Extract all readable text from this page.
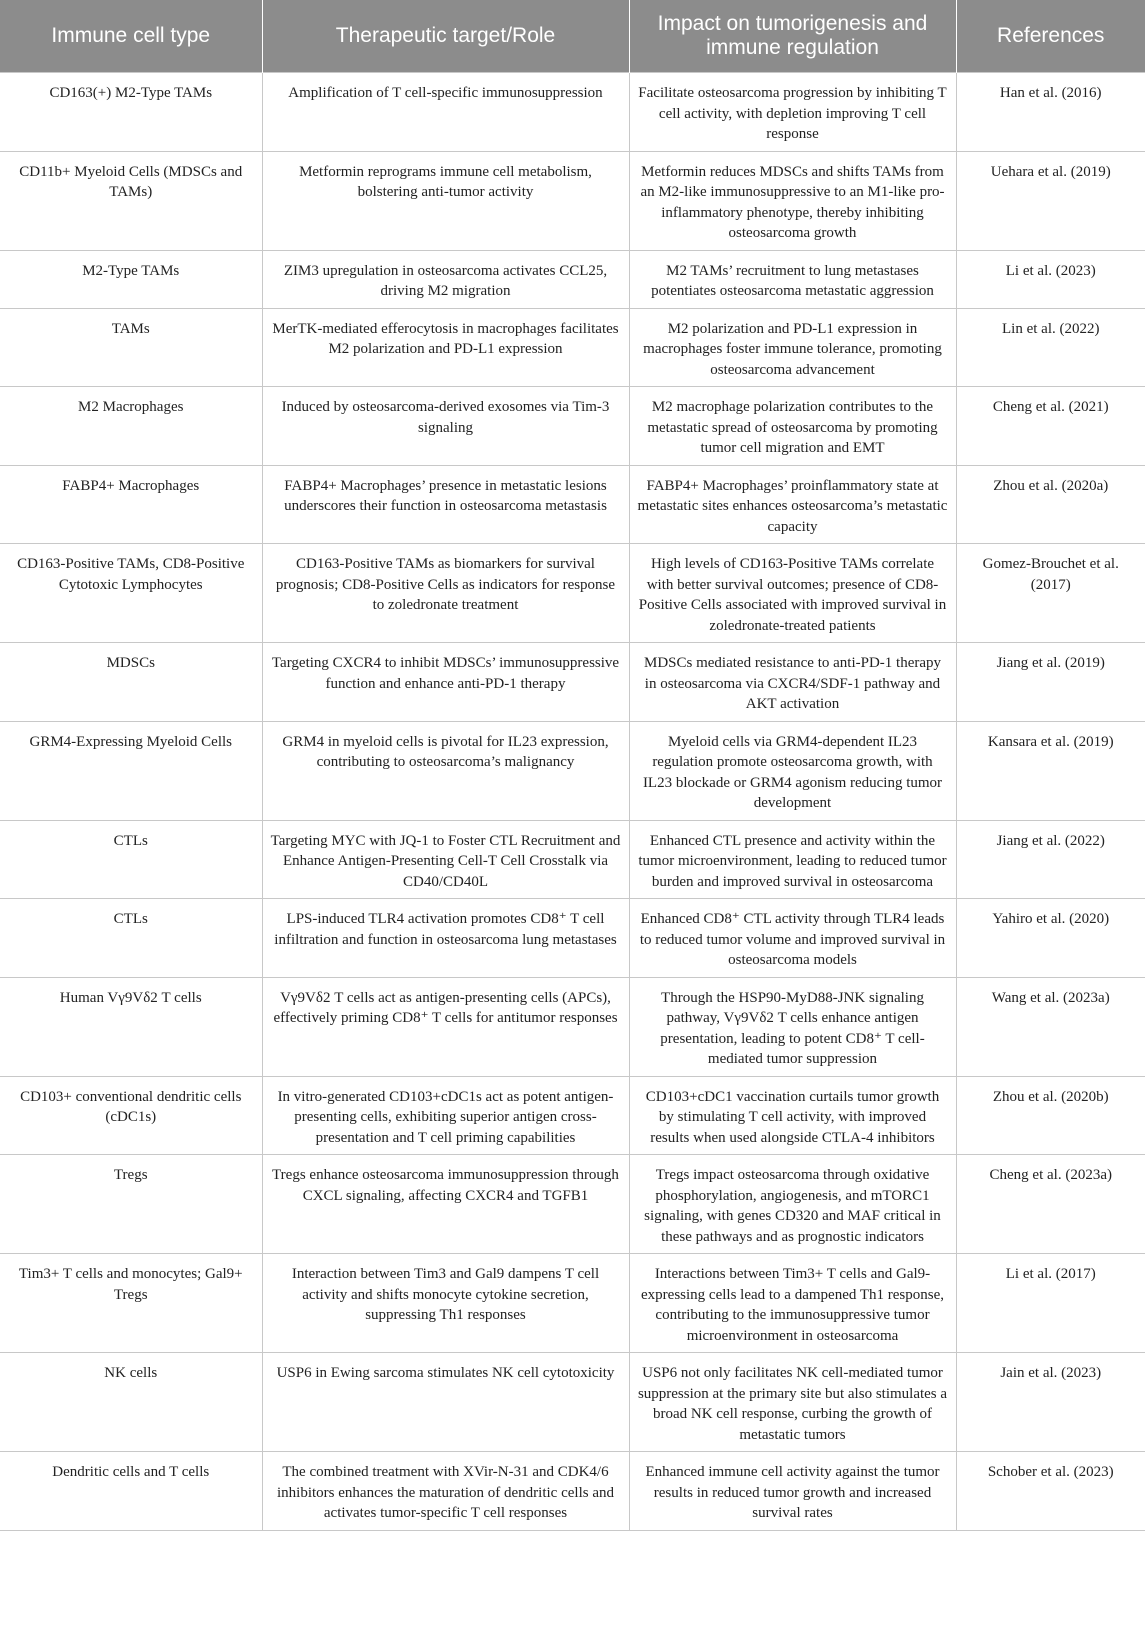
Immune cell type	Therapeutic target/Role	Impact on tumorigenesis and immune regulation	References
CD163(+) M2-Type TAMs	Amplification of T cell-specific immunosuppression	Facilitate osteosarcoma progression by inhibiting T cell activity, with depletion improving T cell response	Han et al. (2016)
CD11b+ Myeloid Cells (MDSCs and TAMs)	Metformin reprograms immune cell metabolism, bolstering anti-tumor activity	Metformin reduces MDSCs and shifts TAMs from an M2-like immunosuppressive to an M1-like pro-inflammatory phenotype, thereby inhibiting osteosarcoma growth	Uehara et al. (2019)
M2-Type TAMs	ZIM3 upregulation in osteosarcoma activates CCL25, driving M2 migration	M2 TAMs’ recruitment to lung metastases potentiates osteosarcoma metastatic aggression	Li et al. (2023)
TAMs	MerTK-mediated efferocytosis in macrophages facilitates M2 polarization and PD-L1 expression	M2 polarization and PD-L1 expression in macrophages foster immune tolerance, promoting osteosarcoma advancement	Lin et al. (2022)
M2 Macrophages	Induced by osteosarcoma-derived exosomes via Tim-3 signaling	M2 macrophage polarization contributes to the metastatic spread of osteosarcoma by promoting tumor cell migration and EMT	Cheng et al. (2021)
FABP4+ Macrophages	FABP4+ Macrophages’ presence in metastatic lesions underscores their function in osteosarcoma metastasis	FABP4+ Macrophages’ proinflammatory state at metastatic sites enhances osteosarcoma’s metastatic capacity	Zhou et al. (2020a)
CD163-Positive TAMs, CD8-Positive Cytotoxic Lymphocytes	CD163-Positive TAMs as biomarkers for survival prognosis; CD8-Positive Cells as indicators for response to zoledronate treatment	High levels of CD163-Positive TAMs correlate with better survival outcomes; presence of CD8-Positive Cells associated with improved survival in zoledronate-treated patients	Gomez-Brouchet et al. (2017)
MDSCs	Targeting CXCR4 to inhibit MDSCs’ immunosuppressive function and enhance anti-PD-1 therapy	MDSCs mediated resistance to anti-PD-1 therapy in osteosarcoma via CXCR4/SDF-1 pathway and AKT activation	Jiang et al. (2019)
GRM4-Expressing Myeloid Cells	GRM4 in myeloid cells is pivotal for IL23 expression, contributing to osteosarcoma’s malignancy	Myeloid cells via GRM4-dependent IL23 regulation promote osteosarcoma growth, with IL23 blockade or GRM4 agonism reducing tumor development	Kansara et al. (2019)
CTLs	Targeting MYC with JQ-1 to Foster CTL Recruitment and Enhance Antigen-Presenting Cell-T Cell Crosstalk via CD40/CD40L	Enhanced CTL presence and activity within the tumor microenvironment, leading to reduced tumor burden and improved survival in osteosarcoma	Jiang et al. (2022)
CTLs	LPS-induced TLR4 activation promotes CD8⁺ T cell infiltration and function in osteosarcoma lung metastases	Enhanced CD8⁺ CTL activity through TLR4 leads to reduced tumor volume and improved survival in osteosarcoma models	Yahiro et al. (2020)
Human Vγ9Vδ2 T cells	Vγ9Vδ2 T cells act as antigen-presenting cells (APCs), effectively priming CD8⁺ T cells for antitumor responses	Through the HSP90-MyD88-JNK signaling pathway, Vγ9Vδ2 T cells enhance antigen presentation, leading to potent CD8⁺ T cell-mediated tumor suppression	Wang et al. (2023a)
CD103+ conventional dendritic cells (cDC1s)	In vitro-generated CD103+cDC1s act as potent antigen-presenting cells, exhibiting superior antigen cross-presentation and T cell priming capabilities	CD103+cDC1 vaccination curtails tumor growth by stimulating T cell activity, with improved results when used alongside CTLA-4 inhibitors	Zhou et al. (2020b)
Tregs	Tregs enhance osteosarcoma immunosuppression through CXCL signaling, affecting CXCR4 and TGFB1	Tregs impact osteosarcoma through oxidative phosphorylation, angiogenesis, and mTORC1 signaling, with genes CD320 and MAF critical in these pathways and as prognostic indicators	Cheng et al. (2023a)
Tim3+ T cells and monocytes; Gal9+ Tregs	Interaction between Tim3 and Gal9 dampens T cell activity and shifts monocyte cytokine secretion, suppressing Th1 responses	Interactions between Tim3+ T cells and Gal9-expressing cells lead to a dampened Th1 response, contributing to the immunosuppressive tumor microenvironment in osteosarcoma	Li et al. (2017)
NK cells	USP6 in Ewing sarcoma stimulates NK cell cytotoxicity	USP6 not only facilitates NK cell-mediated tumor suppression at the primary site but also stimulates a broad NK cell response, curbing the growth of metastatic tumors	Jain et al. (2023)
Dendritic cells and T cells	The combined treatment with XVir-N-31 and CDK4/6 inhibitors enhances the maturation of dendritic cells and activates tumor-specific T cell responses	Enhanced immune cell activity against the tumor results in reduced tumor growth and increased survival rates	Schober et al. (2023)
